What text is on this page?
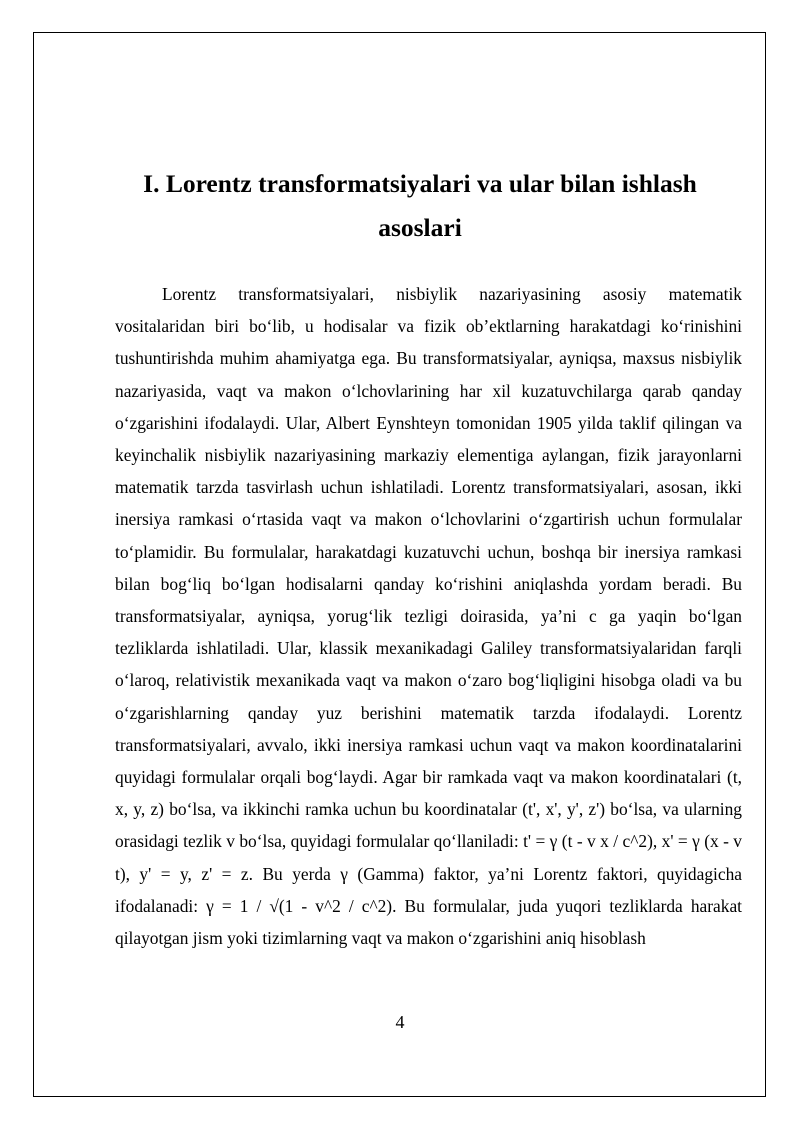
I. Lorentz transformatsiyalari va ular bilan ishlash asoslari

Lorentz transformatsiyalari, nisbiylik nazariyasining asosiy matematik vositalaridan biri bo‘lib, u hodisalar va fizik ob’ektlarning harakatdagi ko‘rinishini tushuntirishda muhim ahamiyatga ega. Bu transformatsiyalar, ayniqsa, maxsus nisbiylik nazariyasida, vaqt va makon o‘lchovlarining har xil kuzatuvchilarga qarab qanday o‘zgarishini ifodalaydi. Ular, Albert Eynshteyn tomonidan 1905 yilda taklif qilingan va keyinchalik nisbiylik nazariyasining markaziy elementiga aylangan, fizik jarayonlarni matematik tarzda tasvirlash uchun ishlatiladi. Lorentz transformatsiyalari, asosan, ikki inersiya ramkasi o‘rtasida vaqt va makon o‘lchovlarini o‘zgartirish uchun formulalar to‘plamidir. Bu formulalar, harakatdagi kuzatuvchi uchun, boshqa bir inersiya ramkasi bilan bog‘liq bo‘lgan hodisalarni qanday ko‘rishini aniqlashda yordam beradi. Bu transformatsiyalar, ayniqsa, yorug‘lik tezligi doirasida, ya’ni c ga yaqin bo‘lgan tezliklarda ishlatiladi. Ular, klassik mexanikadagi Galiley transformatsiyalaridan farqli o‘laroq, relativistik mexanikada vaqt va makon o‘zaro bog‘liqligini hisobga oladi va bu o‘zgarishlarning qanday yuz berishini matematik tarzda ifodalaydi. Lorentz transformatsiyalari, avvalo, ikki inersiya ramkasi uchun vaqt va makon koordinatalarini quyidagi formulalar orqali bog‘laydi. Agar bir ramkada vaqt va makon koordinatalari (t, x, y, z) bo‘lsa, va ikkinchi ramka uchun bu koordinatalar (t', x', y', z') bo‘lsa, va ularning orasidagi tezlik v bo‘lsa, quyidagi formulalar qo‘llaniladi: t' = γ (t - v x / c^2), x' = γ (x - v t), y' = y, z' = z. Bu yerda γ (Gamma) faktor, ya’ni Lorentz faktori, quyidagicha ifodalanadi: γ = 1 / √(1 - v^2 / c^2). Bu formulalar, juda yuqori tezliklarda harakat qilayotgan jism yoki tizimlarning vaqt va makon o‘zgarishini aniq hisoblash

4
